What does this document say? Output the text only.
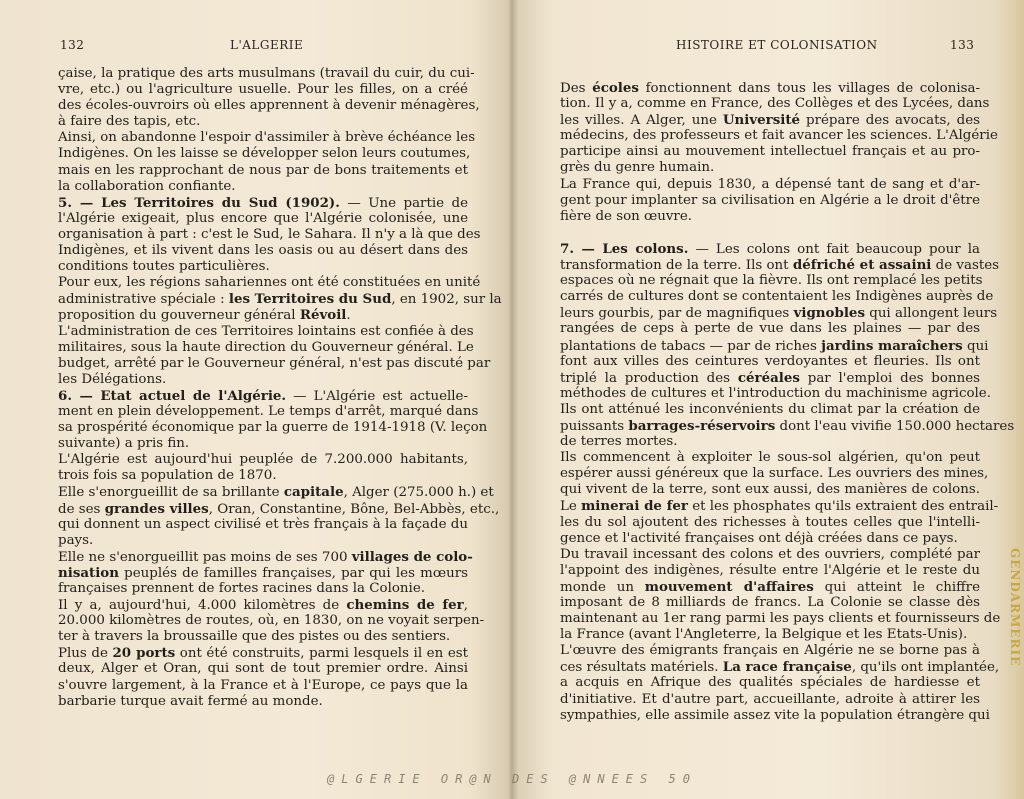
132	L'ALGERIE
çaise, la pratique des arts musulmans (travail du cuir, du cui-
vre, etc.) ou l'agriculture usuelle. Pour les filles, on a créé
des écoles-ouvroirs où elles apprennent à devenir ménagères,
à faire des tapis, etc.
Ainsi, on abandonne l'espoir d'assimiler à brève échéance les
Indigènes. On les laisse se développer selon leurs coutumes,
mais en les rapprochant de nous par de bons traitements et
la collaboration confiante.
5. — Les Territoires du Sud (1902). — Une partie de
l'Algérie exigeait, plus encore que l'Algérie colonisée, une
organisation à part : c'est le Sud, le Sahara. Il n'y a là que des
Indigènes, et ils vivent dans les oasis ou au désert dans des
conditions toutes particulières.
Pour eux, les régions sahariennes ont été constituées en unité
administrative spéciale : les Territoires du Sud, en 1902, sur la
proposition du gouverneur général Révoil.
L'administration de ces Territoires lointains est confiée à des
militaires, sous la haute direction du Gouverneur général. Le
budget, arrêté par le Gouverneur général, n'est pas discuté par
les Délégations.
6. — Etat actuel de l'Algérie. — L'Algérie est actuelle-
ment en plein développement. Le temps d'arrêt, marqué dans
sa prospérité économique par la guerre de 1914-1918 (V. leçon
suivante) a pris fin.
L'Algérie est aujourd'hui peuplée de 7.200.000 habitants,
trois fois sa population de 1870.
Elle s'enorgueillit de sa brillante capitale, Alger (275.000 h.) et
de ses grandes villes, Oran, Constantine, Bône, Bel-Abbès, etc.,
qui donnent un aspect civilisé et très français à la façade du
pays.
Elle ne s'enorgueillit pas moins de ses 700 villages de colo-
nisation peuplés de familles françaises, par qui les mœurs
françaises prennent de fortes racines dans la Colonie.
Il y a, aujourd'hui, 4.000 kilomètres de chemins de fer,
20.000 kilomètres de routes, où, en 1830, on ne voyait serpen-
ter à travers la broussaille que des pistes ou des sentiers.
Plus de 20 ports ont été construits, parmi lesquels il en est
deux, Alger et Oran, qui sont de tout premier ordre. Ainsi
s'ouvre largement, à la France et à l'Europe, ce pays que la
barbarie turque avait fermé au monde.
HISTOIRE ET COLONISATION	133
Des écoles fonctionnent dans tous les villages de colonisa-
tion. Il y a, comme en France, des Collèges et des Lycées, dans
les villes. A Alger, une Université prépare des avocats, des
médecins, des professeurs et fait avancer les sciences. L'Algérie
participe ainsi au mouvement intellectuel français et au pro-
grès du genre humain.
La France qui, depuis 1830, a dépensé tant de sang et d'ar-
gent pour implanter sa civilisation en Algérie a le droit d'être
fière de son œuvre.

7. — Les colons. — Les colons ont fait beaucoup pour la
transformation de la terre. Ils ont défriché et assaini de vastes
espaces où ne régnait que la fièvre. Ils ont remplacé les petits
carrés de cultures dont se contentaient les Indigènes auprès de
leurs gourbis, par de magnifiques vignobles qui allongent leurs
rangées de ceps à perte de vue dans les plaines — par des
plantations de tabacs — par de riches jardins maraîchers qui
font aux villes des ceintures verdoyantes et fleuries. Ils ont
triplé la production des céréales par l'emploi des bonnes
méthodes de cultures et l'introduction du machinisme agricole.
Ils ont atténué les inconvénients du climat par la création de
puissants barrages-réservoirs dont l'eau vivifie 150.000 hectares
de terres mortes.
Ils commencent à exploiter le sous-sol algérien, qu'on peut
espérer aussi généreux que la surface. Les ouvriers des mines,
qui vivent de la terre, sont eux aussi, des manières de colons.
Le minerai de fer et les phosphates qu'ils extraient des entrail-
les du sol ajoutent des richesses à toutes celles que l'intelli-
gence et l'activité françaises ont déjà créées dans ce pays.
Du travail incessant des colons et des ouvriers, complété par
l'appoint des indigènes, résulte entre l'Algérie et le reste du
monde un mouvement d'affaires qui atteint le chiffre
imposant de 8 milliards de francs. La Colonie se classe dès
maintenant au 1er rang parmi les pays clients et fournisseurs de
la France (avant l'Angleterre, la Belgique et les Etats-Unis).
L'œuvre des émigrants français en Algérie ne se borne pas à
ces résultats matériels. La race française, qu'ils ont implantée,
a acquis en Afrique des qualités spéciales de hardiesse et
d'initiative. Et d'autre part, accueillante, adroite à attirer les
sympathies, elle assimile assez vite la population étrangère qui
GENDARMERIE
@LGERIE OR@N DES @NNEES 50
